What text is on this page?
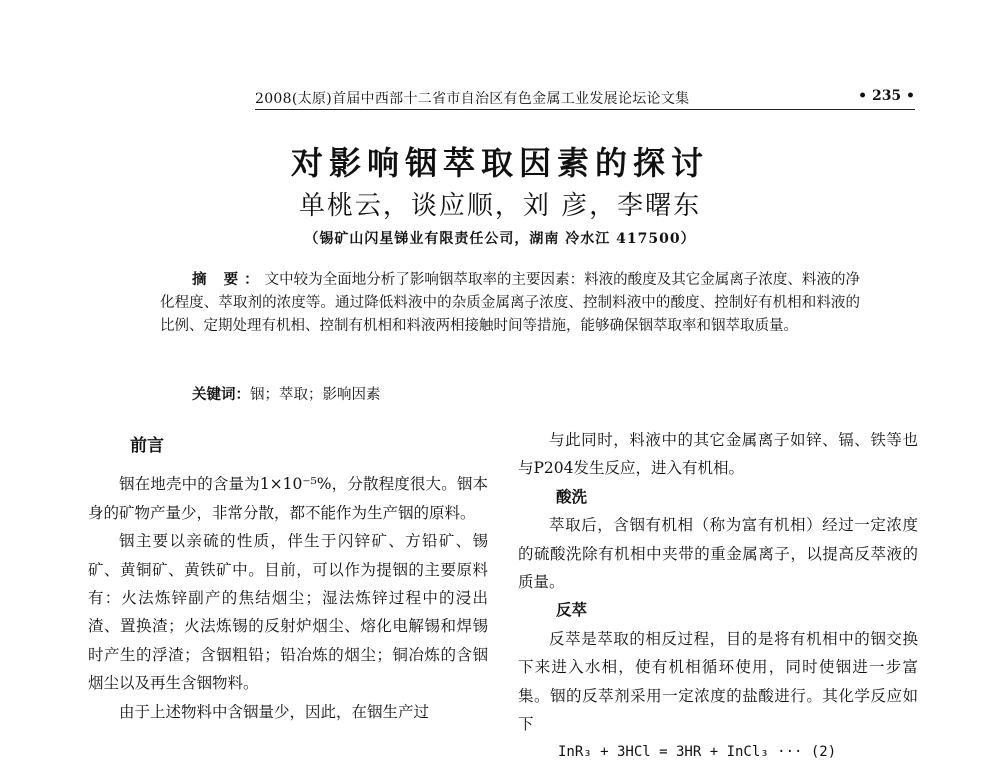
2008(太原)首届中西部十二省市自治区有色金属工业发展论坛论文集	• 235 •
对影响铟萃取因素的探讨
单桃云，谈应顺，刘 彦，李曙东
（锡矿山闪星锑业有限责任公司，湖南 冷水江 417500）
摘 要：文中较为全面地分析了影响铟萃取率的主要因素：料液的酸度及其它金属离子浓度、料液的净化程度、萃取剂的浓度等。通过降低料液中的杂质金属离子浓度、控制料液中的酸度、控制好有机相和料液的比例、定期处理有机相、控制有机相和料液两相接触时间等措施，能够确保铟萃取率和铟萃取质量。
关键词：铟；萃取；影响因素
前言

铟在地壳中的含量为1×10⁻⁵%，分散程度很大。铟本身的矿物产量少，非常分散，都不能作为生产铟的原料。

铟主要以亲硫的性质，伴生于闪锌矿、方铅矿、锡矿、黄铜矿、黄铁矿中。目前，可以作为提铟的主要原料有：火法炼锌副产的焦结烟尘；湿法炼锌过程中的浸出渣、置换渣；火法炼锡的反射炉烟尘、熔化电解锡和焊锡时产生的浮渣；含铟粗铅；铅冶炼的烟尘；铜冶炼的含铟烟尘以及再生含铟物料。

由于上述物料中含铟量少，因此，在铟生产过

与此同时，料液中的其它金属离子如锌、镉、铁等也与P204发生反应，进入有机相。

酸洗

萃取后，含铟有机相（称为富有机相）经过一定浓度的硫酸洗除有机相中夹带的重金属离子，以提高反萃液的质量。

反萃

反萃是萃取的相反过程，目的是将有机相中的铟交换下来进入水相，使有机相循环使用，同时使铟进一步富集。铟的反萃剂采用一定浓度的盐酸进行。其化学反应如下

InR₃ + 3HCl = 3HR + InCl₃ ··· (2)
